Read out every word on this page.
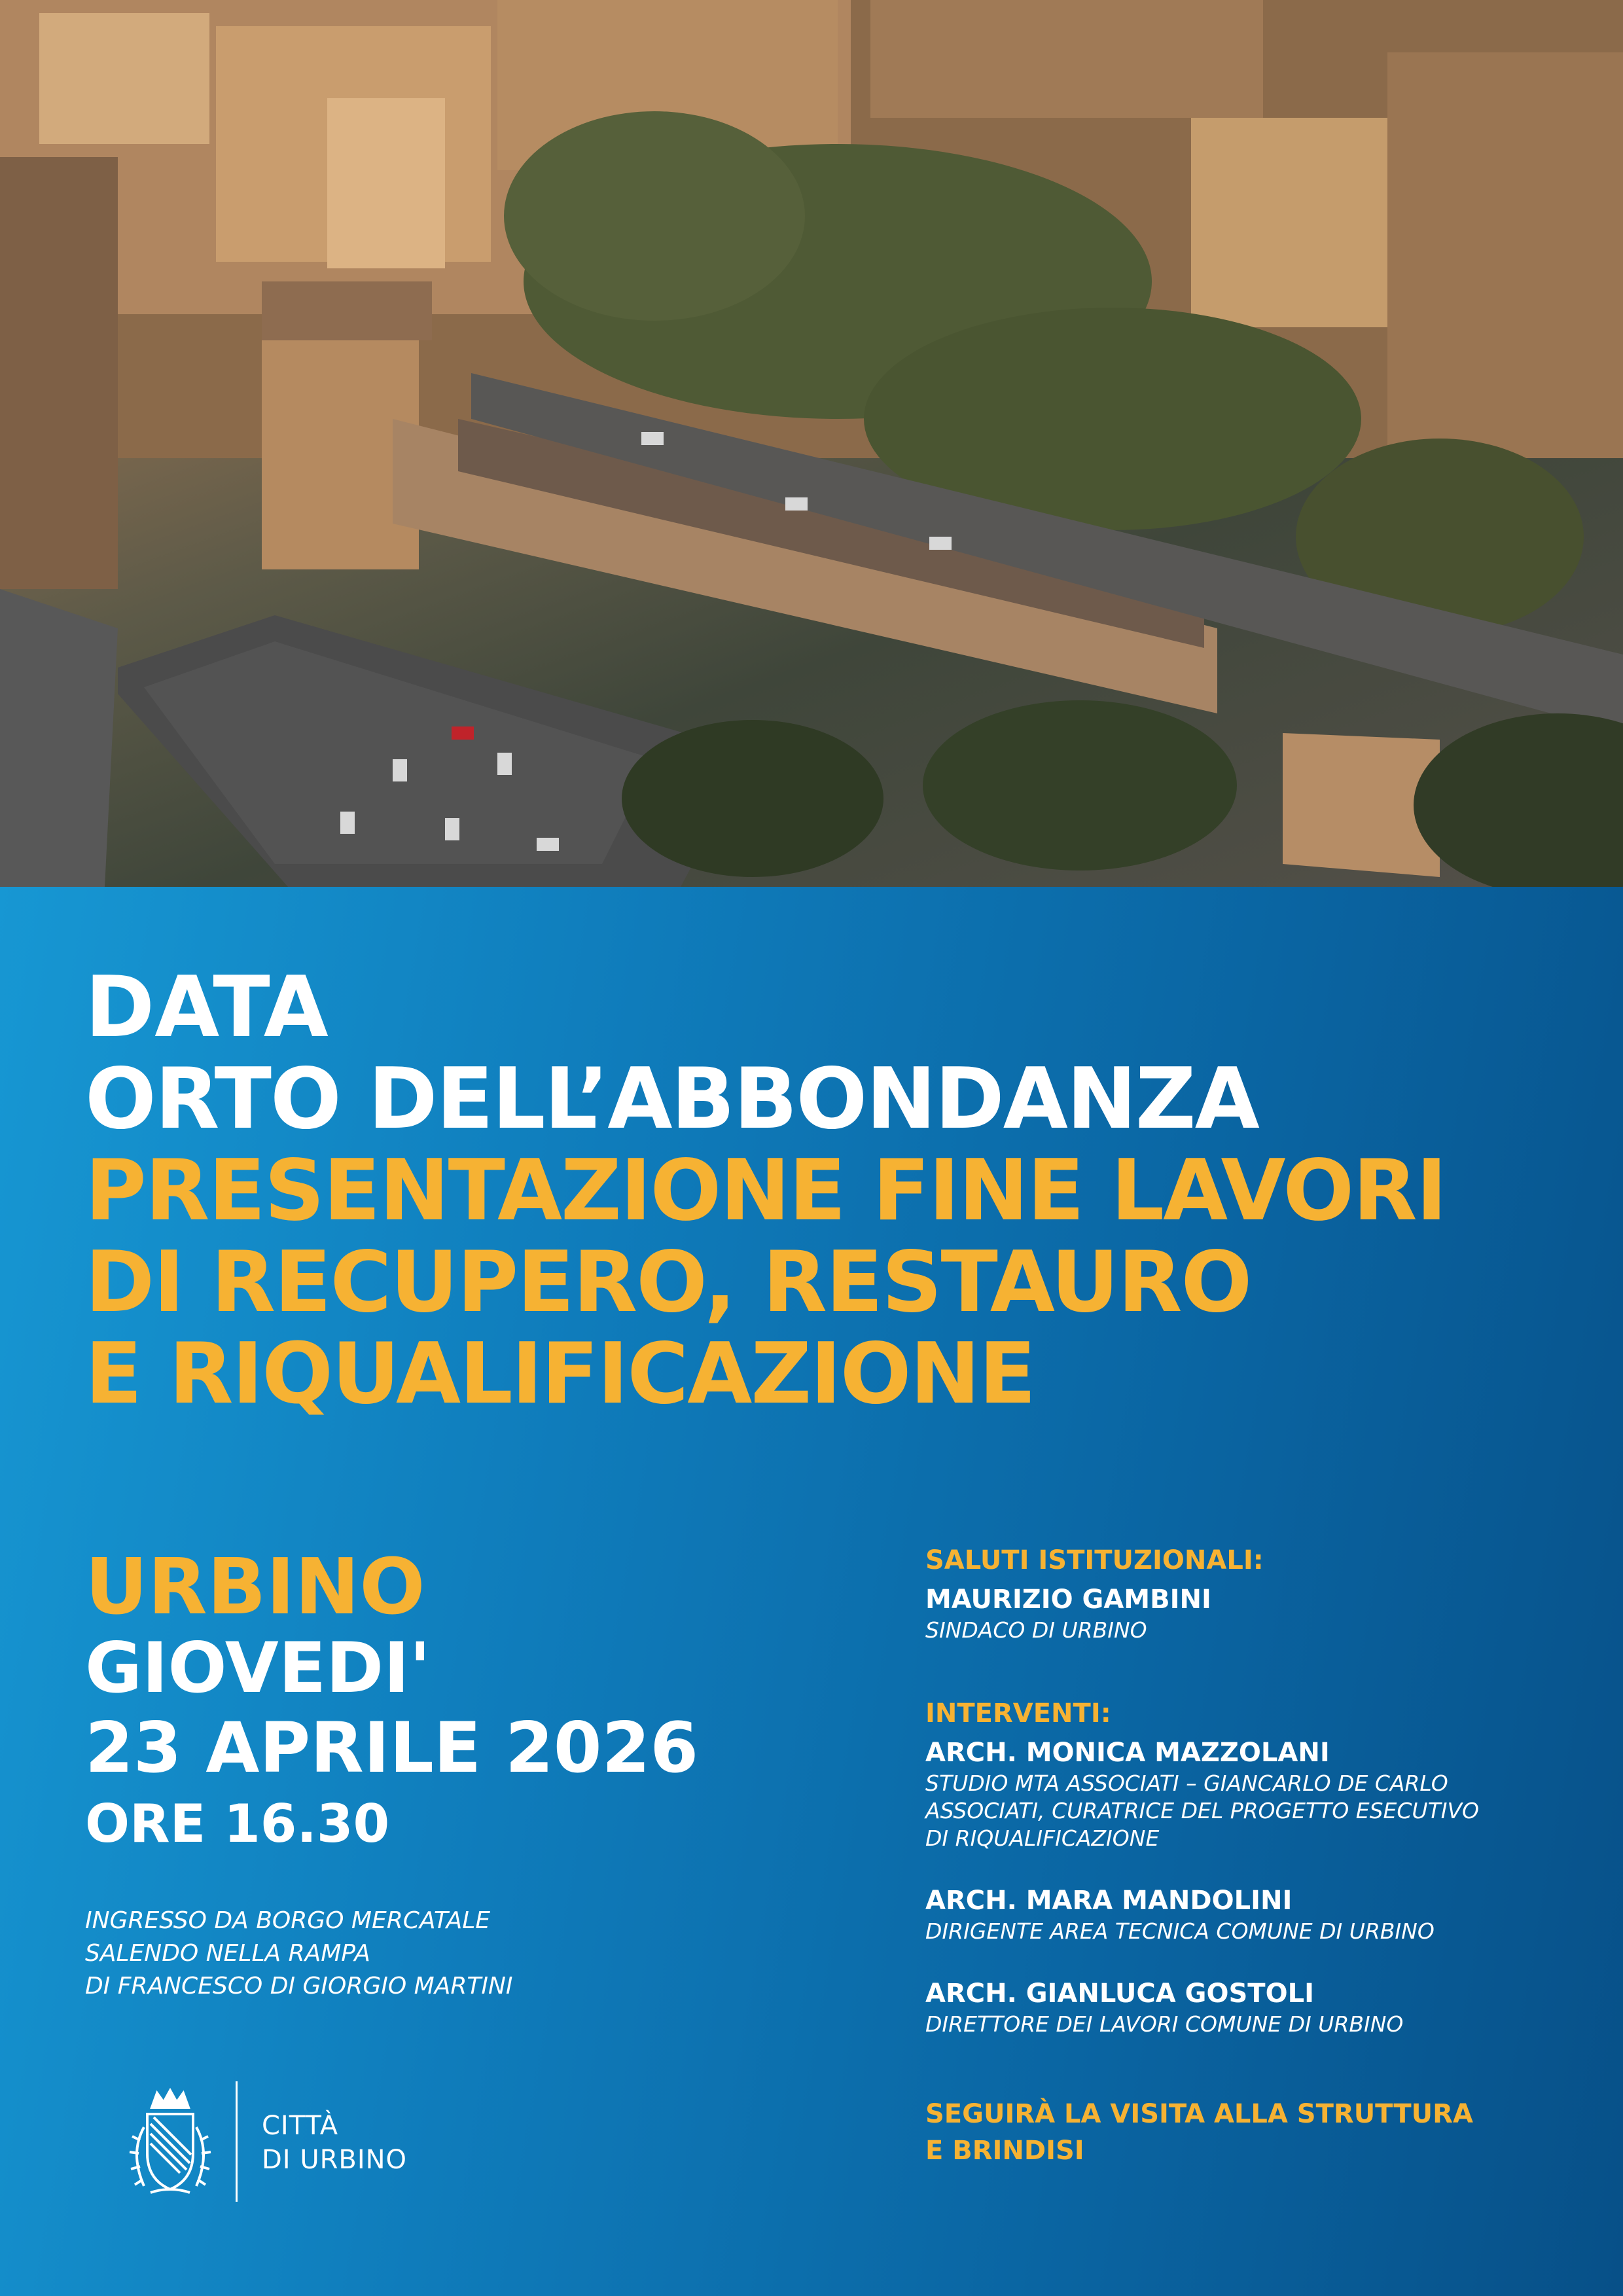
DATA
ORTO DELL’ABBONDANZA
PRESENTAZIONE FINE LAVORI
DI RECUPERO, RESTAURO
E RIQUALIFICAZIONE
URBINO
GIOVEDI'
23 APRILE 2026
ORE 16.30
INGRESSO DA BORGO MERCATALE
SALENDO NELLA RAMPA
DI FRANCESCO DI GIORGIO MARTINI
CITTÀ
DI URBINO
SALUTI ISTITUZIONALI:
MAURIZIO GAMBINI
SINDACO DI URBINO
INTERVENTI:
ARCH. MONICA MAZZOLANI
STUDIO MTA ASSOCIATI – GIANCARLO DE CARLO
ASSOCIATI, CURATRICE DEL PROGETTO ESECUTIVO
DI RIQUALIFICAZIONE
ARCH. MARA MANDOLINI
DIRIGENTE AREA TECNICA COMUNE DI URBINO
ARCH. GIANLUCA GOSTOLI
DIRETTORE DEI LAVORI COMUNE DI URBINO
SEGUIRÀ LA VISITA ALLA STRUTTURA
E BRINDISI
